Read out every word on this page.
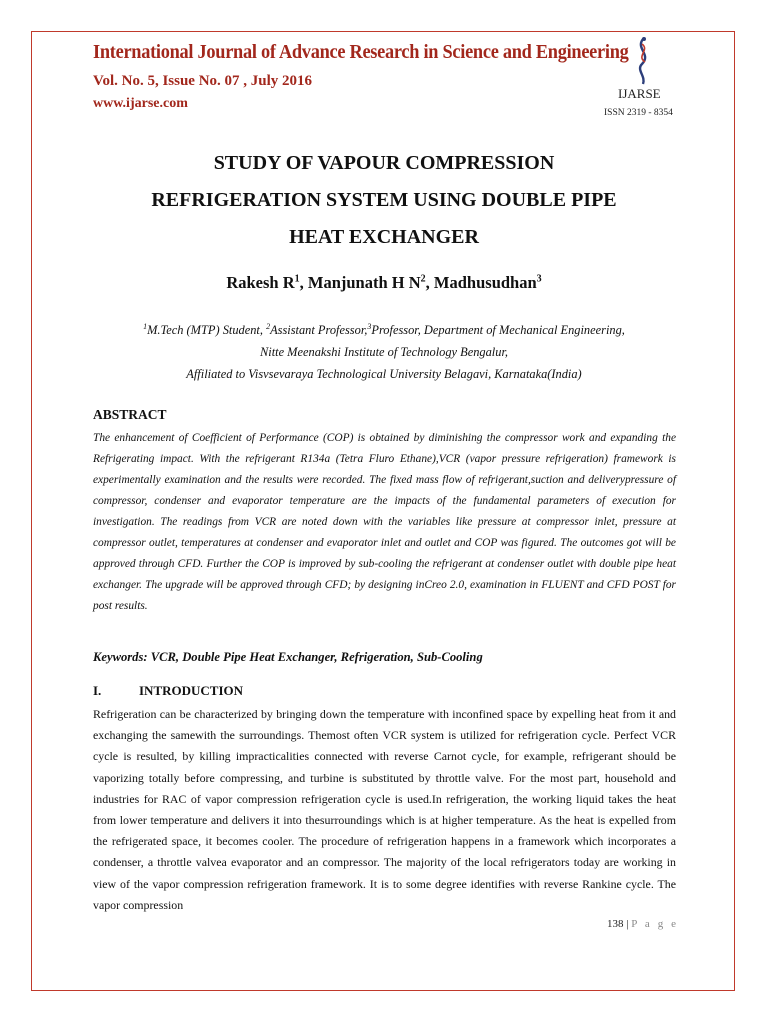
International Journal of Advance Research in Science and Engineering
Vol. No. 5, Issue No. 07 , July 2016
www.ijarse.com
IJARSE
ISSN 2319 - 8354
STUDY OF VAPOUR COMPRESSION
REFRIGERATION SYSTEM USING DOUBLE PIPE
HEAT EXCHANGER
Rakesh $R^1$, Manjunath H $N^2$, Madhusudhan$^3$
$^1$M.Tech (MTP) Student, $^2$Assistant Professor,$^3$Professor, Department of Mechanical Engineering,
Nitte Meenakshi Institute of Technology Bengalur,
Affiliated to Visvsevaraya Technological University Belagavi, Karnataka(India)
ABSTRACT

The enhancement of Coefficient of Performance (COP) is obtained by diminishing the compressor work and expanding the Refrigerating impact. With the refrigerant R134a (Tetra Fluro Ethane),VCR (vapor pressure refrigeration) framework is experimentally examination and the results were recorded. The fixed mass flow of refrigerant,suction and deliverypressure of compressor, condenser and evaporator temperature are the impacts of the fundamental parameters of execution for investigation. The readings from VCR are noted down with the variables like pressure at compressor inlet, pressure at compressor outlet, temperatures at condenser and evaporator inlet and outlet and COP was figured. The outcomes got will be approved through CFD. Further the COP is improved by sub-cooling the refrigerant at condenser outlet with double pipe heat exchanger. The upgrade will be approved through CFD; by designing inCreo 2.0, examination in FLUENT and CFD POST for post results.

Keywords: VCR, Double Pipe Heat Exchanger, Refrigeration, Sub-Cooling
I.	INTRODUCTION

Refrigeration can be characterized by bringing down the temperature with inconfined space by expelling heat from it and exchanging the samewith the surroundings. Themost often VCR system is utilized for refrigeration cycle. Perfect VCR cycle is resulted, by killing impracticalities connected with reverse Carnot cycle, for example, refrigerant should be vaporizing totally before compressing, and turbine is substituted by throttle valve. For the most part, household and industries for RAC of vapor compression refrigeration cycle is used.In refrigeration, the working liquid takes the heat from lower temperature and delivers it into thesurroundings which is at higher temperature. As the heat is expelled from the refrigerated space, it becomes cooler. The procedure of refrigeration happens in a framework which incorporates a condenser, a throttle valvea evaporator and an compressor. The majority of the local refrigerators today are working in view of the vapor compression refrigeration framework. It is to some degree identifies with reverse Rankine cycle. The vapor compression

138 | P a g e
